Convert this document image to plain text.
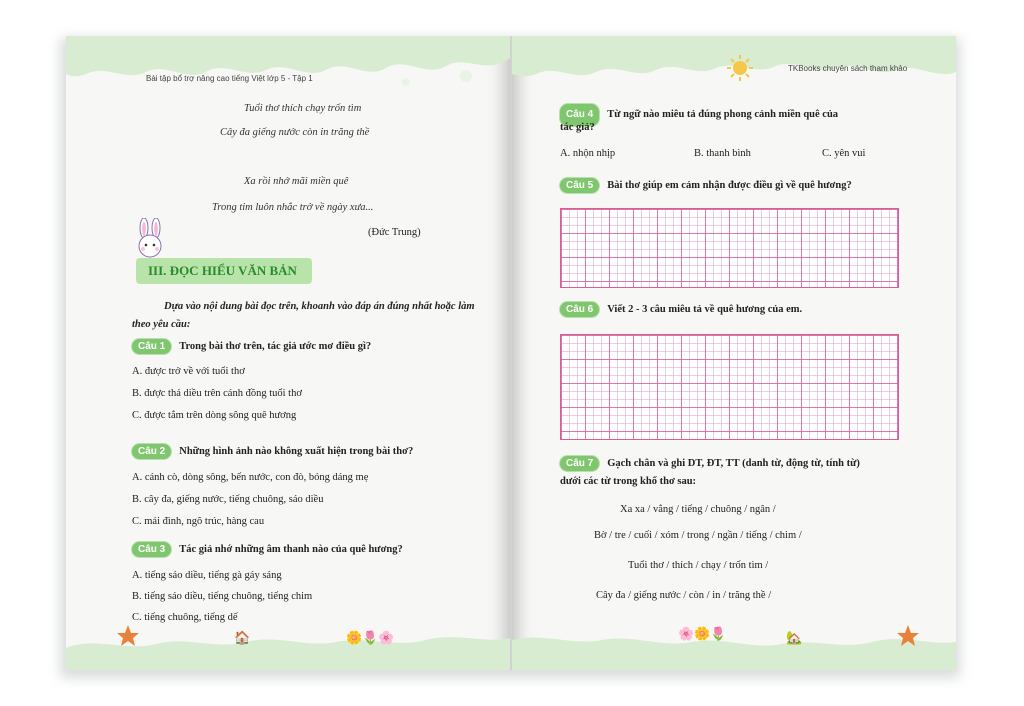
Bài tập bổ trợ nâng cao tiếng Việt lớp 5 - Tập 1
Tuổi thơ thích chạy trốn tìm
Cây đa giếng nước còn in trăng thề
Xa rồi nhớ mãi miền quê
Trong tim luôn nhắc trở về ngày xưa...
(Đức Trung)
III. ĐỌC HIỂU VĂN BẢN
Dựa vào nội dung bài đọc trên, khoanh vào đáp án đúng nhất hoặc làm theo yêu cầu:
Câu 1 Trong bài thơ trên, tác giả ước mơ điều gì?
A. được trở về với tuổi thơ
B. được thả diều trên cánh đồng tuổi thơ
C. được tắm trên dòng sông quê hương
Câu 2 Những hình ảnh nào không xuất hiện trong bài thơ?
A. cánh cò, dòng sông, bến nước, con đò, bóng dáng mẹ
B. cây đa, giếng nước, tiếng chuông, sáo diều
C. mái đình, ngõ trúc, hàng cau
Câu 3 Tác giả nhớ những âm thanh nào của quê hương?
A. tiếng sáo diều, tiếng gà gáy sáng
B. tiếng sáo diều, tiếng chuông, tiếng chim
C. tiếng chuông, tiếng dế
🏠	🌼🌷🌸
TKBooks chuyên sách tham khảo
Câu 4 Từ ngữ nào miêu tả đúng phong cảnh miền quê của
tác giả?
A. nhộn nhịp	B. thanh bình	C. yên vui
Câu 5 Bài thơ giúp em cảm nhận được điều gì về quê hương?
Câu 6 Viết 2 - 3 câu miêu tả về quê hương của em.
Câu 7 Gạch chân và ghi DT, ĐT, TT (danh từ, động từ, tính từ)
dưới các từ trong khổ thơ sau:
Xa xa / vẳng / tiếng / chuông / ngân /
Bờ / tre / cuối / xóm / trong / ngần / tiếng / chim /
Tuổi thơ / thích / chạy / trốn tìm /
Cây đa / giếng nước / còn / in / trăng thề /
🌸🌼🌷	🏡
